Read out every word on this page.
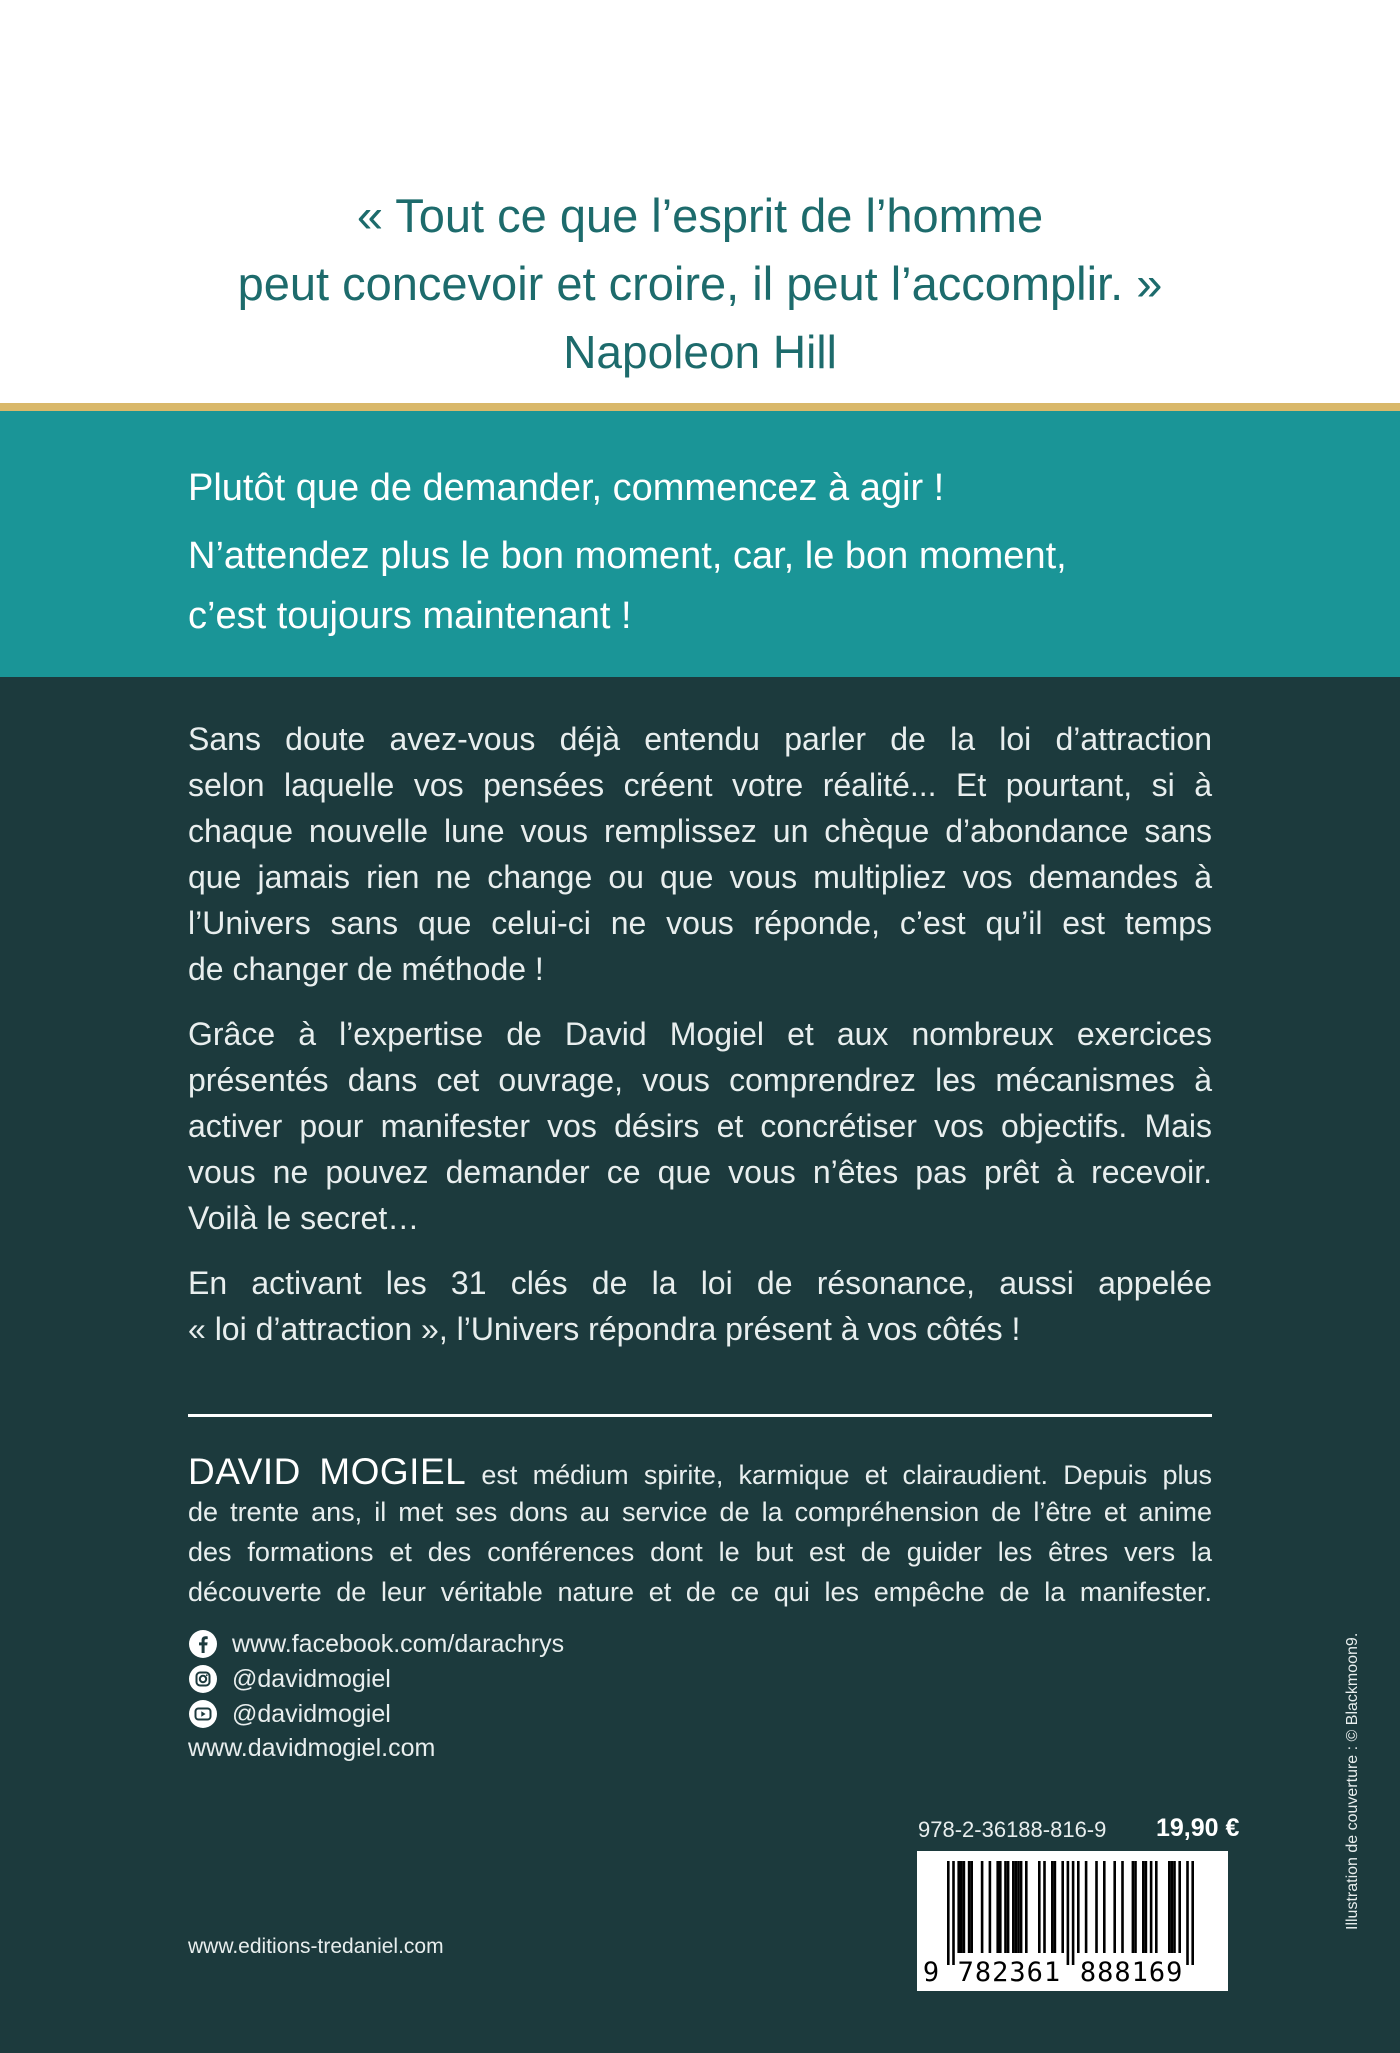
« Tout ce que l’esprit de l’homme
peut concevoir et croire, il peut l’accomplir. »
Napoleon Hill
Plutôt que de demander, commencez à agir !
N’attendez plus le bon moment, car, le bon moment,
c’est toujours maintenant !
Sans doute avez-vous déjà entendu parler de la loi d’attraction
selon laquelle vos pensées créent votre réalité... Et pourtant, si à
chaque nouvelle lune vous remplissez un chèque d’abondance sans
que jamais rien ne change ou que vous multipliez vos demandes à
l’Univers sans que celui-ci ne vous réponde, c’est qu’il est temps
de changer de méthode !
Grâce à l’expertise de David Mogiel et aux nombreux exercices
présentés dans cet ouvrage, vous comprendrez les mécanismes à
activer pour manifester vos désirs et concrétiser vos objectifs. Mais
vous ne pouvez demander ce que vous n’êtes pas prêt à recevoir.
Voilà le secret…
En activant les 31 clés de la loi de résonance, aussi appelée
« loi d’attraction », l’Univers répondra présent à vos côtés !
DAVID MOGIEL est médium spirite, karmique et clairaudient. Depuis plus
de trente ans, il met ses dons au service de la compréhension de l’être et anime
des formations et des conférences dont le but est de guider les êtres vers la
découverte de leur véritable nature et de ce qui les empêche de la manifester.
www.facebook.com/darachrys
@davidmogiel
@davidmogiel
www.davidmogiel.com
978-2-36188-816-9 19,90 €
9 782361 888169
www.editions-tredaniel.com
Illustration de couverture : © Blackmoon9.
